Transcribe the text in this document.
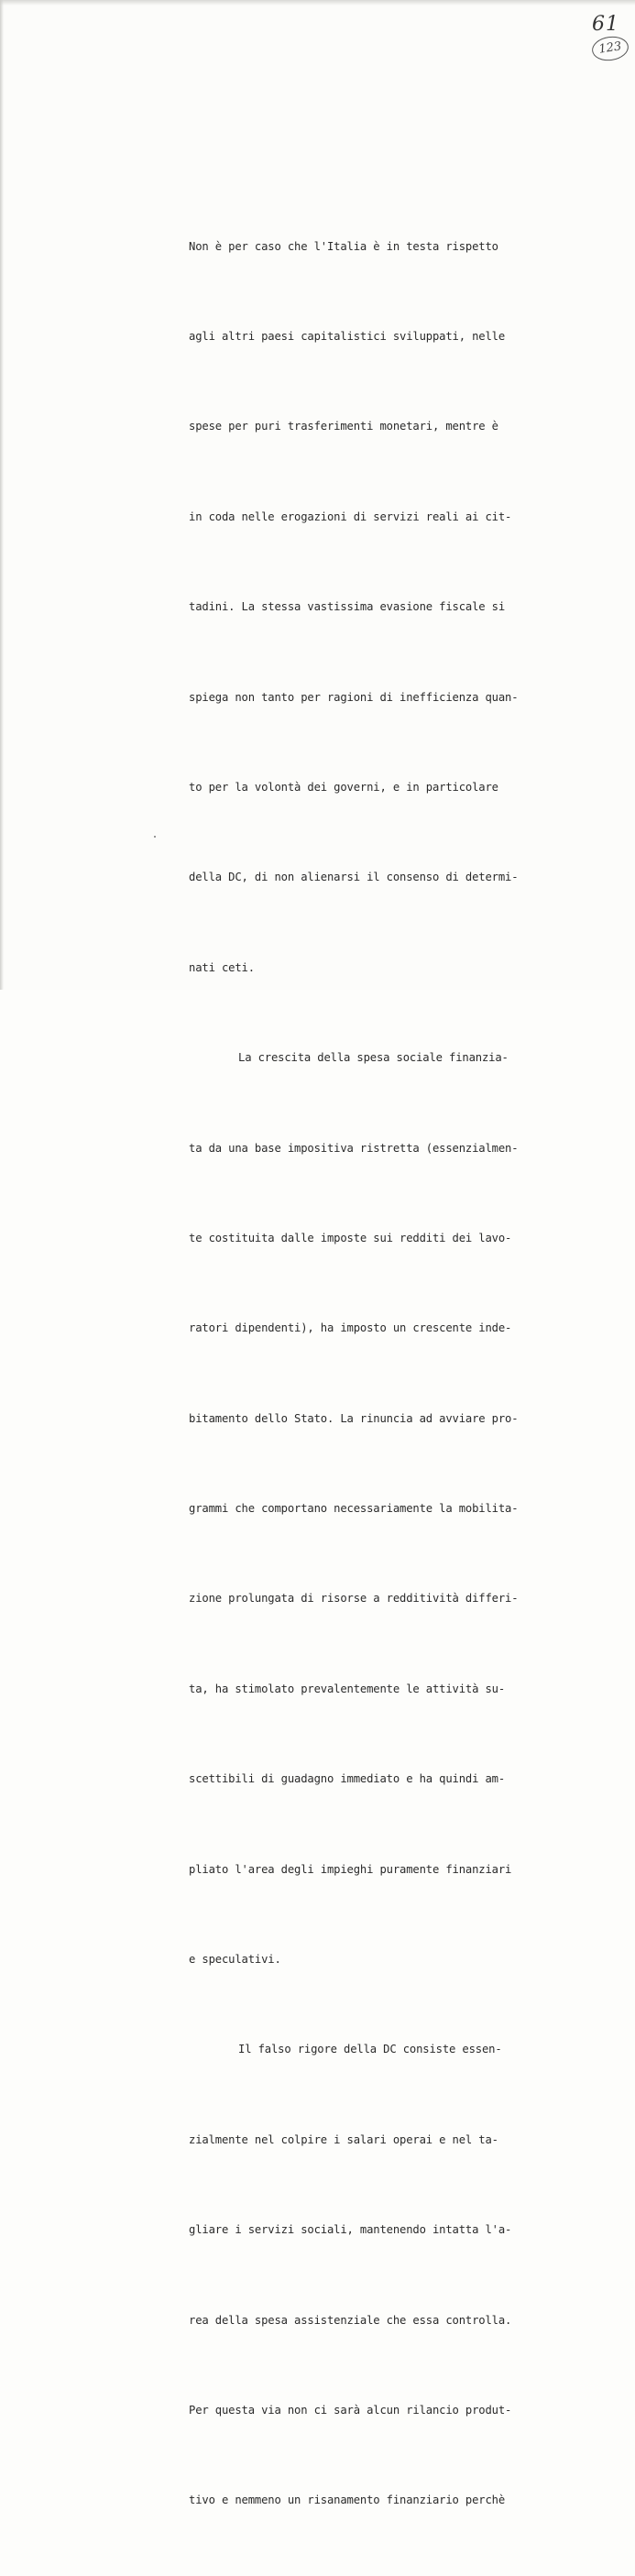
61
123

Non è per caso che l'Italia è in testa rispetto

agli altri paesi capitalistici sviluppati, nelle

spese per puri trasferimenti monetari, mentre è

in coda nelle erogazioni di servizi reali ai cit-

tadini. La stessa vastissima evasione fiscale si

spiega non tanto per ragioni di inefficienza quan-

to per la volontà dei governi, e in particolare

della DC, di non alienarsi il consenso di determi-

nati ceti.

La crescita della spesa sociale finanzia-

ta da una base impositiva ristretta (essenzialmen-

te costituita dalle imposte sui redditi dei lavo-

ratori dipendenti), ha imposto un crescente inde-

bitamento dello Stato. La rinuncia ad avviare pro-

grammi che comportano necessariamente la mobilita-

zione prolungata di risorse a redditività differi-

ta, ha stimolato prevalentemente le attività su-

scettibili di guadagno immediato e ha quindi am-

pliato l'area degli impieghi puramente finanziari

e speculativi.

Il falso rigore della DC consiste essen-

zialmente nel colpire i salari operai e nel ta-

gliare i servizi sociali, mantenendo intatta l'a-

rea della spesa assistenziale che essa controlla.

Per questa via non ci sarà alcun rilancio produt-

tivo e nemmeno un risanamento finanziario perchè
